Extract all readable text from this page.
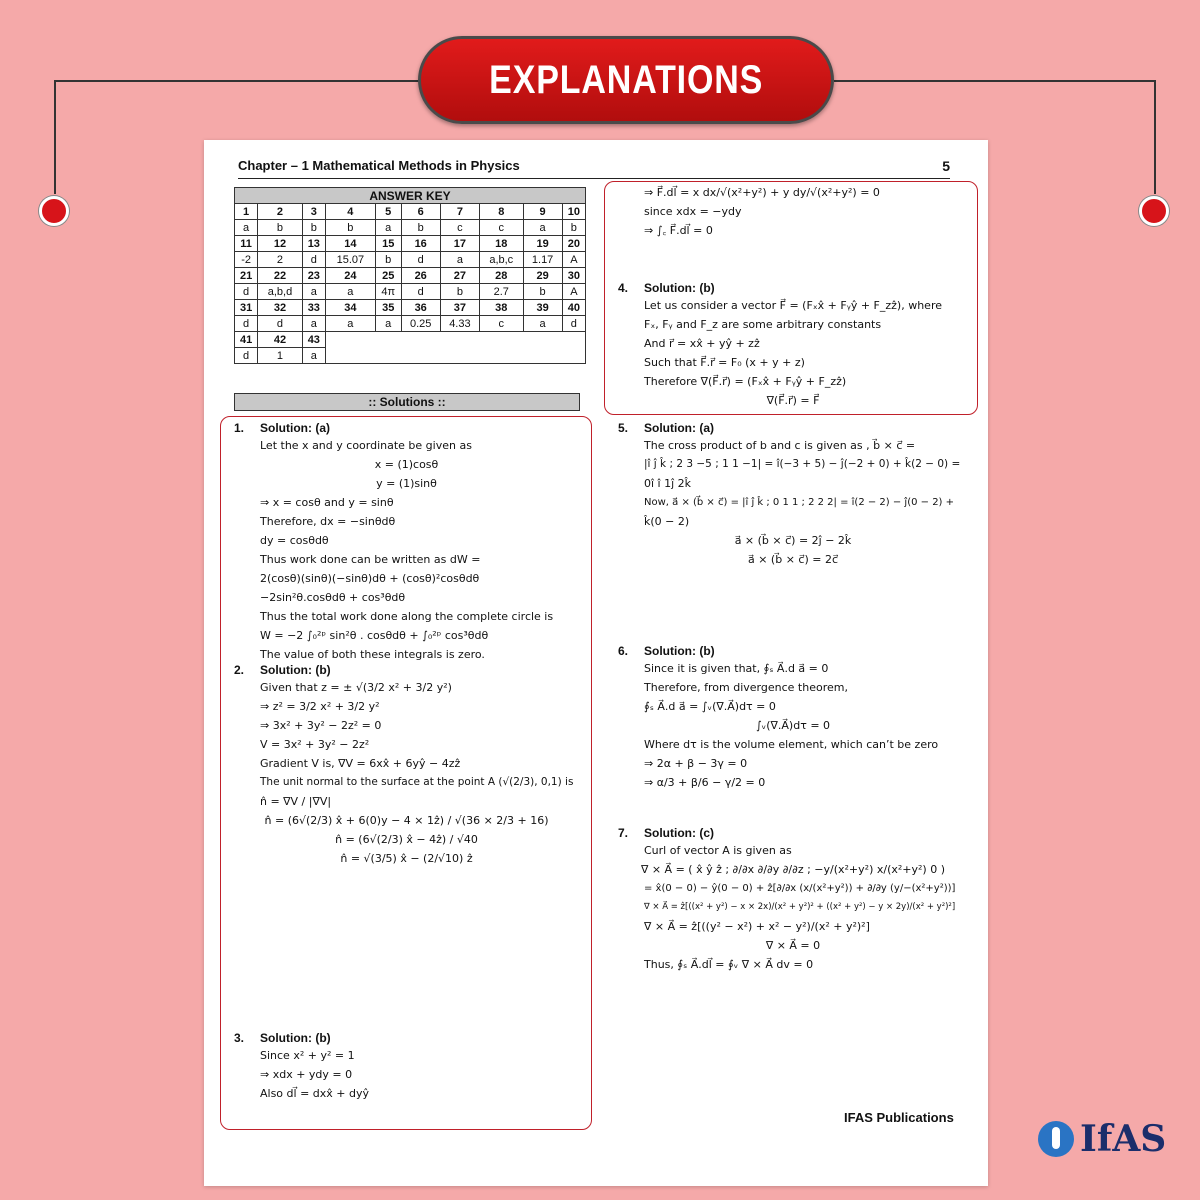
EXPLANATIONS
Chapter – 1 Mathematical Methods in Physics	5
ANSWER KEY									
1	2	3	4	5	6	7	8	9	10
a	b	b	b	a	b	c	c	a	b
11	12	13	14	15	16	17	18	19	20
-2	2	d	15.07	b	d	a	a,b,c	1.17	A
21	22	23	24	25	26	27	28	29	30
d	a,b,d	a	a	4π	d	b	2.7	b	A
31	32	33	34	35	36	37	38	39	40
d	d	a	a	a	0.25	4.33	c	a	d
41	42	43							
d	1	a							
:: Solutions ::
1. Solution: (a)
Let the x and y coordinate be given as
x = (1)cosθ
y = (1)sinθ
⇒ x = cosθ and y = sinθ
Therefore, dx = −sinθdθ
dy = cosθdθ
Thus work done can be written as dW =
2(cosθ)(sinθ)(−sinθ)dθ + (cosθ)²cosθdθ
−2sin²θ.cosθdθ + cos³θdθ
Thus the total work done along the complete circle is
W = −2 ∫₀²ᵖ sin²θ . cosθdθ + ∫₀²ᵖ cos³θdθ
The value of both these integrals is zero.
2. Solution: (b)
Given that z = ± √(3/2 x² + 3/2 y²)
⇒ z² = 3/2 x² + 3/2 y²
⇒ 3x² + 3y² − 2z² = 0
V = 3x² + 3y² − 2z²
Gradient V is, ∇V = 6xx̂ + 6yŷ − 4zẑ
The unit normal to the surface at the point A (√(2/3), 0,1) is
n̂ = ∇V / |∇V|
n̂ = (6√(2/3) x̂ + 6(0)y − 4 × 1ẑ) / √(36 × 2/3 + 16)
n̂ = (6√(2/3) x̂ − 4ẑ) / √40
n̂ = √(3/5) x̂ − (2/√10) ẑ
3. Solution: (b)
Since x² + y² = 1
⇒ xdx + ydy = 0
Also dl⃗ = dxx̂ + dyŷ
⇒ F⃗.dl⃗ = x dx/√(x²+y²) + y dy/√(x²+y²) = 0
since xdx = −ydy
⇒ ∫꜀ F⃗.dl⃗ = 0
4. Solution: (b)
Let us consider a vector F⃗ = (Fₓx̂ + Fᵧŷ + F_zẑ), where
Fₓ, Fᵧ and F_z are some arbitrary constants
And r⃗ = xx̂ + yŷ + zẑ
Such that F⃗.r⃗ = F₀ (x + y + z)
Therefore ∇(F⃗.r⃗) = (Fₓx̂ + Fᵧŷ + F_zẑ)
∇(F⃗.r⃗) = F⃗
5. Solution: (a)
The cross product of b and c is given as , b⃗ × c⃗ =
|î ĵ k̂ ; 2 3 −5 ; 1 1 −1| = î(−3 + 5) − ĵ(−2 + 0) + k̂(2 − 0) =
0î î 1ĵ 2k̂
Now, a⃗ × (b⃗ × c⃗) = |î ĵ k̂ ; 0 1 1 ; 2 2 2| = î(2 − 2) − ĵ(0 − 2) +
k̂(0 − 2)
a⃗ × (b⃗ × c⃗) = 2ĵ − 2k̂
a⃗ × (b⃗ × c⃗) = 2c⃗
6. Solution: (b)
Since it is given that, ∮ₛ A⃗.d a⃗ = 0
Therefore, from divergence theorem,
∮ₛ A⃗.d a⃗ = ∫ᵥ(∇.A⃗)dτ = 0
∫ᵥ(∇.A⃗)dτ = 0
Where dτ is the volume element, which can’t be zero
⇒ 2α + β − 3γ = 0
⇒ α/3 + β/6 − γ/2 = 0
7. Solution: (c)
Curl of vector A is given as
∇ × A⃗ = ( x̂ ŷ ẑ ; ∂/∂x ∂/∂y ∂/∂z ; −y/(x²+y²) x/(x²+y²) 0 )
= x̂(0 − 0) − ŷ(0 − 0) + ẑ[∂/∂x (x/(x²+y²)) + ∂/∂y (y/−(x²+y²))]
∇ × A⃗ = ẑ[((x² + y²) − x × 2x)/(x² + y²)² + ((x² + y²) − y × 2y)/(x² + y²)²]
∇ × A⃗ = ẑ[((y² − x²) + x² − y²)/(x² + y²)²]
∇ × A⃗ = 0
Thus, ∮ₛ A⃗.dl⃗ = ∮ᵥ ∇ × A⃗ dv = 0
IFAS Publications
IfAS
